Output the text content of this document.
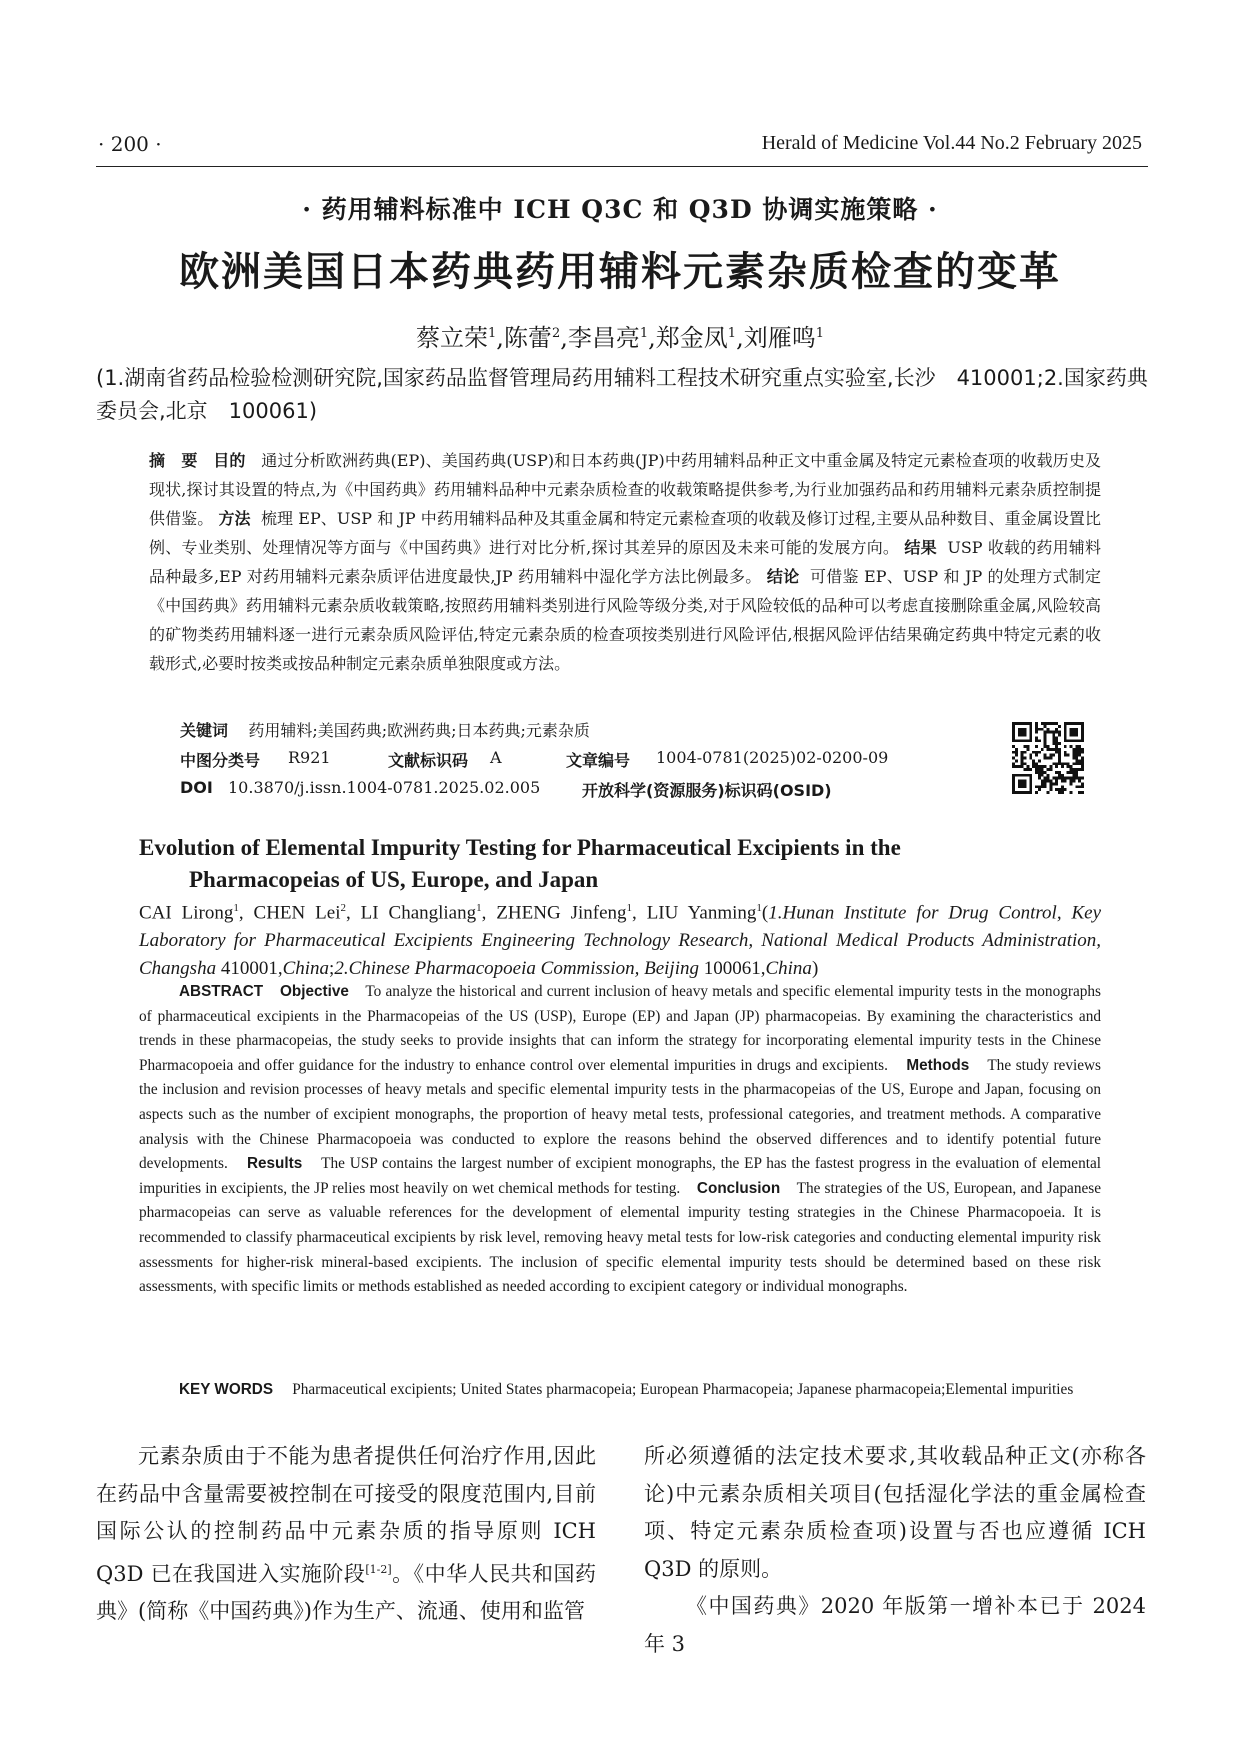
· 200 ·	Herald of Medicine Vol.44 No.2 February 2025
· 药用辅料标准中 ICH Q3C 和 Q3D 协调实施策略 ·
欧洲美国日本药典药用辅料元素杂质检查的变革
蔡立荣$^1$,陈蕾$^2$,李昌亮$^1$,郑金凤$^1$,刘雁鸣$^1$
(1.湖南省药品检验检测研究院,国家药品监督管理局药用辅料工程技术研究重点实验室,长沙　410001;2.国家药典委员会,北京　100061)
摘　要 目的 通过分析欧洲药典(EP)、美国药典(USP)和日本药典(JP)中药用辅料品种正文中重金属及特定元素检查项的收载历史及现状,探讨其设置的特点,为《中国药典》药用辅料品种中元素杂质检查的收载策略提供参考,为行业加强药品和药用辅料元素杂质控制提供借鉴。 方法 梳理 EP、USP 和 JP 中药用辅料品种及其重金属和特定元素检查项的收载及修订过程,主要从品种数目、重金属设置比例、专业类别、处理情况等方面与《中国药典》进行对比分析,探讨其差异的原因及未来可能的发展方向。 结果 USP 收载的药用辅料品种最多,EP 对药用辅料元素杂质评估进度最快,JP 药用辅料中湿化学方法比例最多。 结论 可借鉴 EP、USP 和 JP 的处理方式制定《中国药典》药用辅料元素杂质收载策略,按照药用辅料类别进行风险等级分类,对于风险较低的品种可以考虑直接删除重金属,风险较高的矿物类药用辅料逐一进行元素杂质风险评估,特定元素杂质的检查项按类别进行风险评估,根据风险评估结果确定药典中特定元素的收载形式,必要时按类或按品种制定元素杂质单独限度或方法。
关键词 药用辅料;美国药典;欧洲药典;日本药典;元素杂质
中图分类号 R921	文献标识码 A	文章编号 1004-0781(2025)02-0200-09
DOI 10.3870/j.issn.1004-0781.2025.02.005	开放科学(资源服务)标识码(OSID)
Evolution of Elemental Impurity Testing for Pharmaceutical Excipients in the
Pharmacopeias of US, Europe, and Japan
CAI Lirong$^1$, CHEN Lei$^2$, LI Changliang$^1$, ZHENG Jinfeng$^1$, LIU Yanming$^1$(1.Hunan Institute for Drug Control, Key Laboratory for Pharmaceutical Excipients Engineering Technology Research, National Medical Products Administration, Changsha 410001,China;2.Chinese Pharmacopoeia Commission, Beijing 100061,China)
ABSTRACT Objective To analyze the historical and current inclusion of heavy metals and specific elemental impurity tests in the monographs of pharmaceutical excipients in the Pharmacopeias of the US (USP), Europe (EP) and Japan (JP) pharmacopeias. By examining the characteristics and trends in these pharmacopeias, the study seeks to provide insights that can inform the strategy for incorporating elemental impurity tests in the Chinese Pharmacopoeia and offer guidance for the industry to enhance control over elemental impurities in drugs and excipients. Methods The study reviews the inclusion and revision processes of heavy metals and specific elemental impurity tests in the pharmacopeias of the US, Europe and Japan, focusing on aspects such as the number of excipient monographs, the proportion of heavy metal tests, professional categories, and treatment methods. A comparative analysis with the Chinese Pharmacopoeia was conducted to explore the reasons behind the observed differences and to identify potential future developments. Results The USP contains the largest number of excipient monographs, the EP has the fastest progress in the evaluation of elemental impurities in excipients, the JP relies most heavily on wet chemical methods for testing. Conclusion The strategies of the US, European, and Japanese pharmacopeias can serve as valuable references for the development of elemental impurity testing strategies in the Chinese Pharmacopoeia. It is recommended to classify pharmaceutical excipients by risk level, removing heavy metal tests for low-risk categories and conducting elemental impurity risk assessments for higher-risk mineral-based excipients. The inclusion of specific elemental impurity tests should be determined based on these risk assessments, with specific limits or methods established as needed according to excipient category or individual monographs.
KEY WORDS Pharmaceutical excipients; United States pharmacopeia; European Pharmacopeia; Japanese pharmacopeia;Elemental impurities
元素杂质由于不能为患者提供任何治疗作用,因此在药品中含量需要被控制在可接受的限度范围内,目前国际公认的控制药品中元素杂质的指导原则 ICH Q3D 已在我国进入实施阶段[1-2]。《中华人民共和国药典》(简称《中国药典》)作为生产、流通、使用和监管

所必须遵循的法定技术要求,其收载品种正文(亦称各论)中元素杂质相关项目(包括湿化学法的重金属检查项、特定元素杂质检查项)设置与否也应遵循 ICH Q3D 的原则。

《中国药典》2020 年版第一增补本已于 2024 年 3
